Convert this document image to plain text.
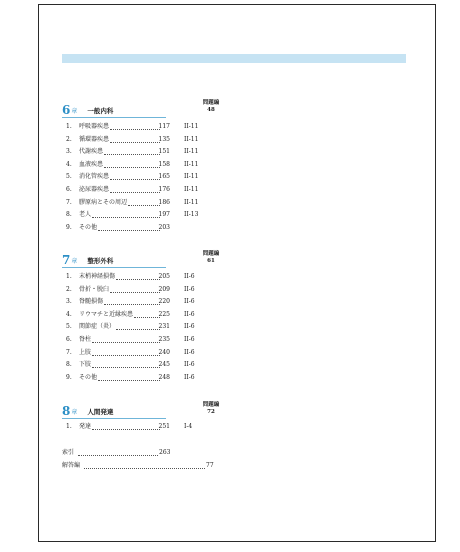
6 章 一般内科
問題編
48
1. 呼吸器疾患	117 II-11
2. 循環器疾患	135 II-11
3. 代謝疾患	151 II-11
4. 血液疾患	158 II-11
5. 消化管疾患	165 II-11
6. 泌尿器疾患	176 II-11
7. 膠原病とその周辺	186 II-11
8. 老人	197 II-13
9. その他	203
7 章 整形外科
問題編
61
1. 末梢神経損傷	205 II-6
2. 骨折・脱臼	209 II-6
3. 脊髄損傷	220 II-6
4. リウマチと近縁疾患	225 II-6
5. 関節症（炎）	231 II-6
6. 脊柱	235 II-6
7. 上肢	240 II-6
8. 下肢	245 II-6
9. その他	248 II-6
8 章 人間発達
問題編
72
1. 発達	251 I-4
索引	263
解答編	77
